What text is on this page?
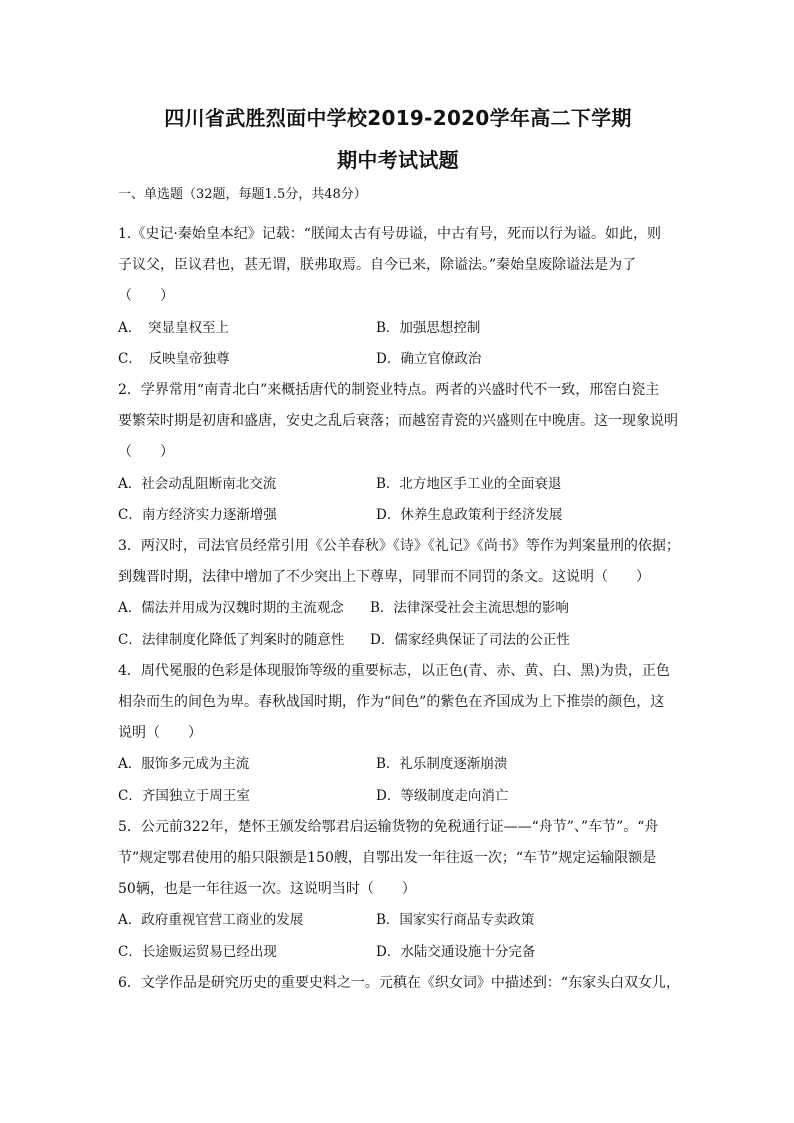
四川省武胜烈面中学校2019-2020学年高二下学期
期中考试试题
一、单选题（32题，每题1.5分，共48分）

1.《史记·秦始皇本纪》记载：“朕闻太古有号毋谥，中古有号，死而以行为谥。如此，则
子议父，臣议君也，甚无谓，朕弗取焉。自今已来，除谥法。”秦始皇废除谥法是为了
（　　）

A．　突显皇权至上	B．加强思想控制
C．　反映皇帝独尊	D．确立官僚政治

2．学界常用“南青北白”来概括唐代的制瓷业特点。两者的兴盛时代不一致，邢窑白瓷主
要繁荣时期是初唐和盛唐，安史之乱后衰落；而越窑青瓷的兴盛则在中晚唐。这一现象说明
（　　）

A．社会动乱阻断南北交流	B．北方地区手工业的全面衰退
C．南方经济实力逐渐增强	D．休养生息政策利于经济发展

3．两汉时，司法官员经常引用《公羊春秋》《诗》《礼记》《尚书》等作为判案量刑的依据；
到魏晋时期，法律中增加了不少突出上下尊卑，同罪而不同罚的条文。这说明（　　）

A．儒法并用成为汉魏时期的主流观念	B．法律深受社会主流思想的影响
C．法律制度化降低了判案时的随意性	D．儒家经典保证了司法的公正性

4．周代冕服的色彩是体现服饰等级的重要标志，以正色(青、赤、黄、白、黑)为贵，正色
相杂而生的间色为卑。春秋战国时期，作为“间色”的紫色在齐国成为上下推崇的颜色，这
说明（　　）

A．服饰多元成为主流	B．礼乐制度逐渐崩溃
C．齐国独立于周王室	D．等级制度走向消亡

5．公元前322年，楚怀王颁发给鄂君启运输货物的免税通行证——“舟节”、”车节”。“舟
节”规定鄂君使用的船只限额是150艘，自鄂出发一年往返一次；“车节”规定运输限额是
50辆，也是一年往返一次。这说明当时（　　）

A．政府重视官营工商业的发展	B．国家实行商品专卖政策
C．长途贩运贸易已经出现	D．水陆交通设施十分完备

6．文学作品是研究历史的重要史料之一。元稹在《织女词》中描述到：“东家头白双女儿，
